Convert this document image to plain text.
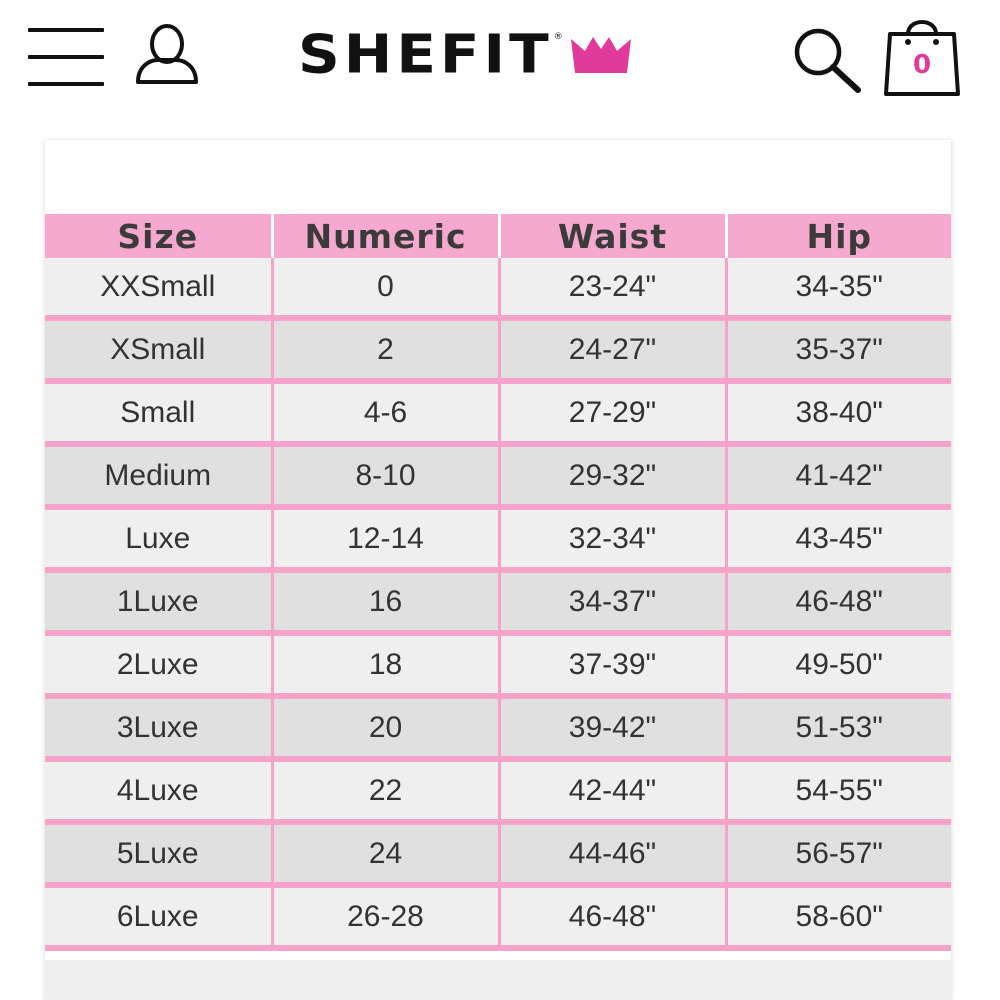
SHEFIT ®
0
Size	Numeric	Waist	Hip
XXSmall	0	23-24"	34-35"
XSmall	2	24-27"	35-37"
Small	4-6	27-29"	38-40"
Medium	8-10	29-32"	41-42"
Luxe	12-14	32-34"	43-45"
1Luxe	16	34-37"	46-48"
2Luxe	18	37-39"	49-50"
3Luxe	20	39-42"	51-53"
4Luxe	22	42-44"	54-55"
5Luxe	24	44-46"	56-57"
6Luxe	26-28	46-48"	58-60"
